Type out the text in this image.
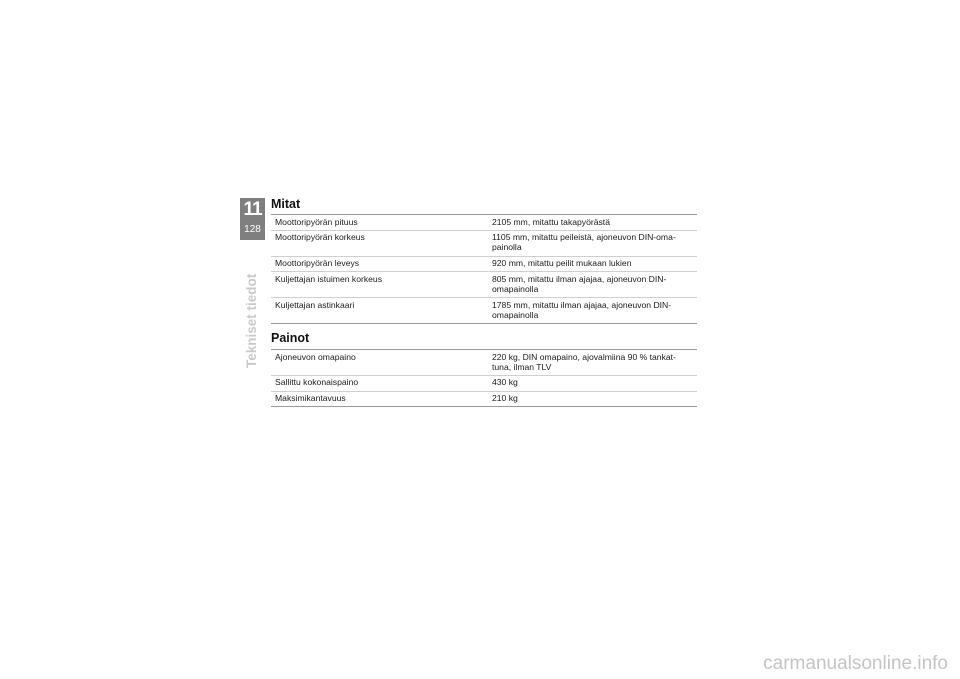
11
128
Tekniset tiedot
Mitat
Moottoripyörän pituus	2105 mm, mitattu takapyörästä
Moottoripyörän korkeus	1105 mm, mitattu peileistä, ajoneuvon DIN-oma-
painolla
Moottoripyörän leveys	920 mm, mitattu peilit mukaan lukien
Kuljettajan istuimen korkeus	805 mm, mitattu ilman ajajaa, ajoneuvon DIN-
omapainolla
Kuljettajan astinkaari	1785 mm, mitattu ilman ajajaa, ajoneuvon DIN-
omapainolla
Painot
Ajoneuvon omapaino	220 kg, DIN omapaino, ajovalmiina 90 % tankat-
tuna, ilman TLV
Sallittu kokonaispaino	430 kg
Maksimikantavuus	210 kg
carmanualsonline.info
